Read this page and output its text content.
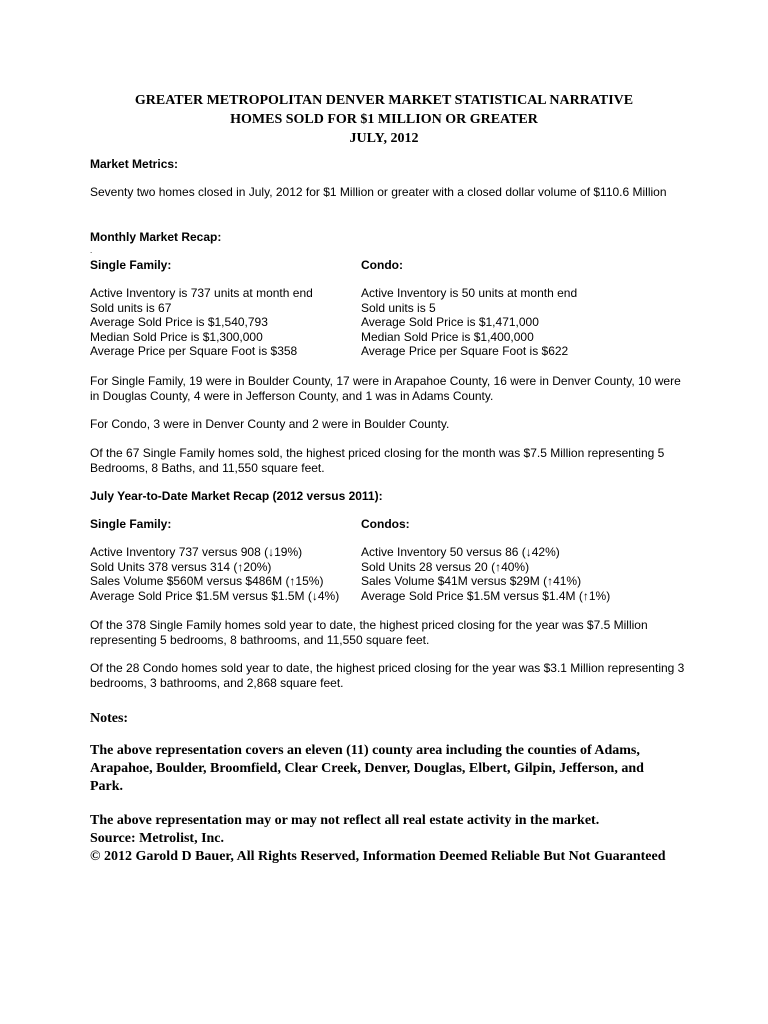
GREATER METROPOLITAN DENVER MARKET STATISTICAL NARRATIVE
HOMES SOLD FOR $1 MILLION OR GREATER
JULY, 2012
Market Metrics:
Seventy two homes closed in July, 2012 for $1 Million or greater with a closed dollar volume of $110.6 Million
Monthly Market Recap:
.
Single Family:	Condo:
Active Inventory is 737 units at month end
Sold units is 67
Average Sold Price is $1,540,793
Median Sold Price is $1,300,000
Average Price per Square Foot is $358
Active Inventory is 50 units at month end
Sold units is 5
Average Sold Price is $1,471,000
Median Sold Price is $1,400,000
Average Price per Square Foot is $622
For Single Family, 19 were in Boulder County, 17 were in Arapahoe County, 16 were in Denver County, 10 were in Douglas County, 4 were in Jefferson County, and 1 was in Adams County.
For Condo, 3 were in Denver County and 2 were in Boulder County.
Of the 67 Single Family homes sold, the highest priced closing for the month was $7.5 Million representing 5 Bedrooms, 8 Baths, and 11,550 square feet.
July Year-to-Date Market Recap (2012 versus 2011):
Single Family:	Condos:
Active Inventory 737 versus 908 (↓19%)
Sold Units 378 versus 314 (↑20%)
Sales Volume $560M versus $486M (↑15%)
Average Sold Price $1.5M versus $1.5M (↓4%)
Active Inventory 50 versus 86 (↓42%)
Sold Units 28 versus 20 (↑40%)
Sales Volume $41M versus $29M (↑41%)
Average Sold Price $1.5M versus $1.4M (↑1%)
Of the 378 Single Family homes sold year to date, the highest priced closing for the year was $7.5 Million representing 5 bedrooms, 8 bathrooms, and 11,550 square feet.
Of the 28 Condo homes sold year to date, the highest priced closing for the year was $3.1 Million representing 3 bedrooms, 3 bathrooms, and 2,868 square feet.
Notes:
The above representation covers an eleven (11) county area including the counties of Adams, Arapahoe, Boulder, Broomfield, Clear Creek, Denver, Douglas, Elbert, Gilpin, Jefferson, and Park.
The above representation may or may not reflect all real estate activity in the market.
Source: Metrolist, Inc.
© 2012 Garold D Bauer, All Rights Reserved, Information Deemed Reliable But Not Guaranteed
